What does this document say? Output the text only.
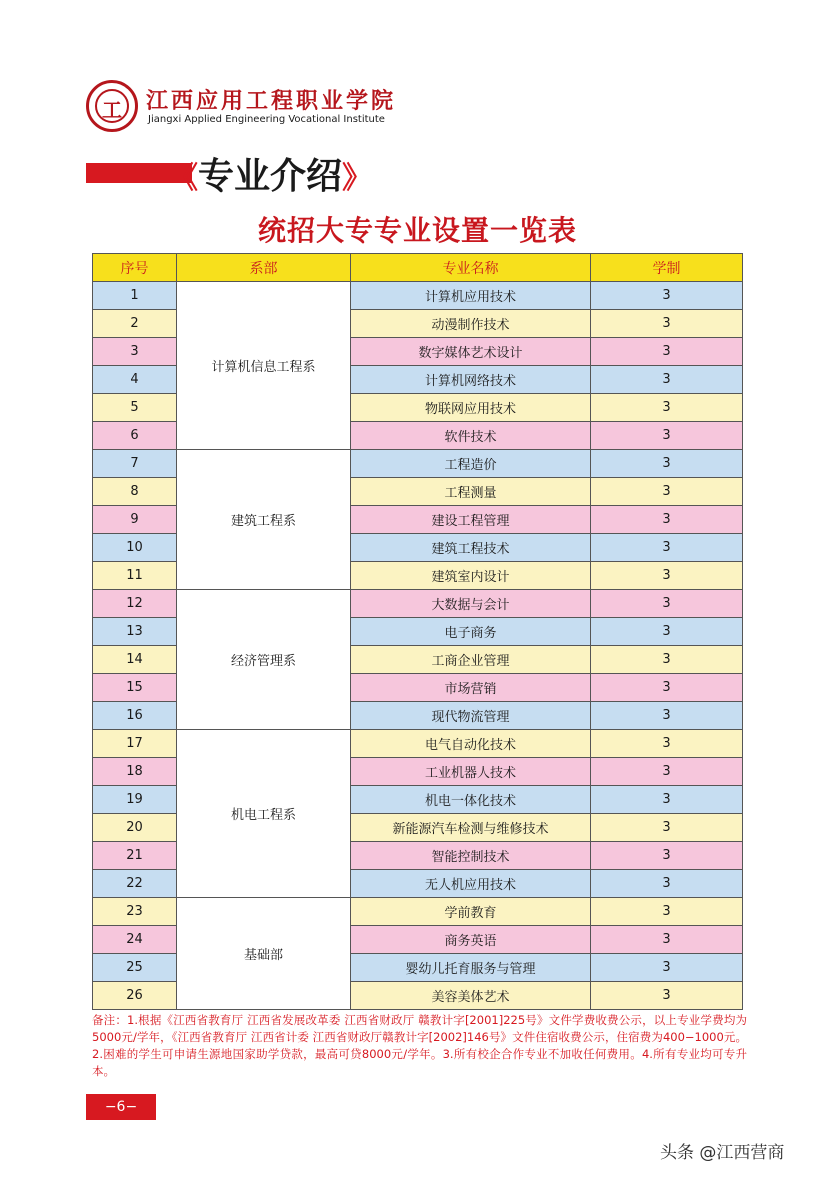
工
江西应用工程职业学院
Jiangxi Applied Engineering Vocational Institute
《专业介绍》
统招大专专业设置一览表
序号	系部	专业名称	学制
1	计算机信息工程系	计算机应用技术	3
2		动漫制作技术	3
3		数字媒体艺术设计	3
4		计算机网络技术	3
5		物联网应用技术	3
6		软件技术	3
7	建筑工程系	工程造价	3
8		工程测量	3
9		建设工程管理	3
10		建筑工程技术	3
11		建筑室内设计	3
12	经济管理系	大数据与会计	3
13		电子商务	3
14		工商企业管理	3
15		市场营销	3
16		现代物流管理	3
17	机电工程系	电气自动化技术	3
18		工业机器人技术	3
19		机电一体化技术	3
20		新能源汽车检测与维修技术	3
21		智能控制技术	3
22		无人机应用技术	3
23	基础部	学前教育	3
24		商务英语	3
25		婴幼儿托育服务与管理	3
26		美容美体艺术	3
备注：1.根据《江西省教育厅 江西省发展改革委 江西省财政厅 赣教计字[2001]225号》文件学费收费公示，以上专业学费均为5000元/学年，《江西省教育厅 江西省计委 江西省财政厅赣教计字[2002]146号》文件住宿收费公示，住宿费为400−1000元。2.困难的学生可申请生源地国家助学贷款，最高可贷8000元/学年。3.所有校企合作专业不加收任何费用。4.所有专业均可专升本。
−6−
头条 @江西营商
